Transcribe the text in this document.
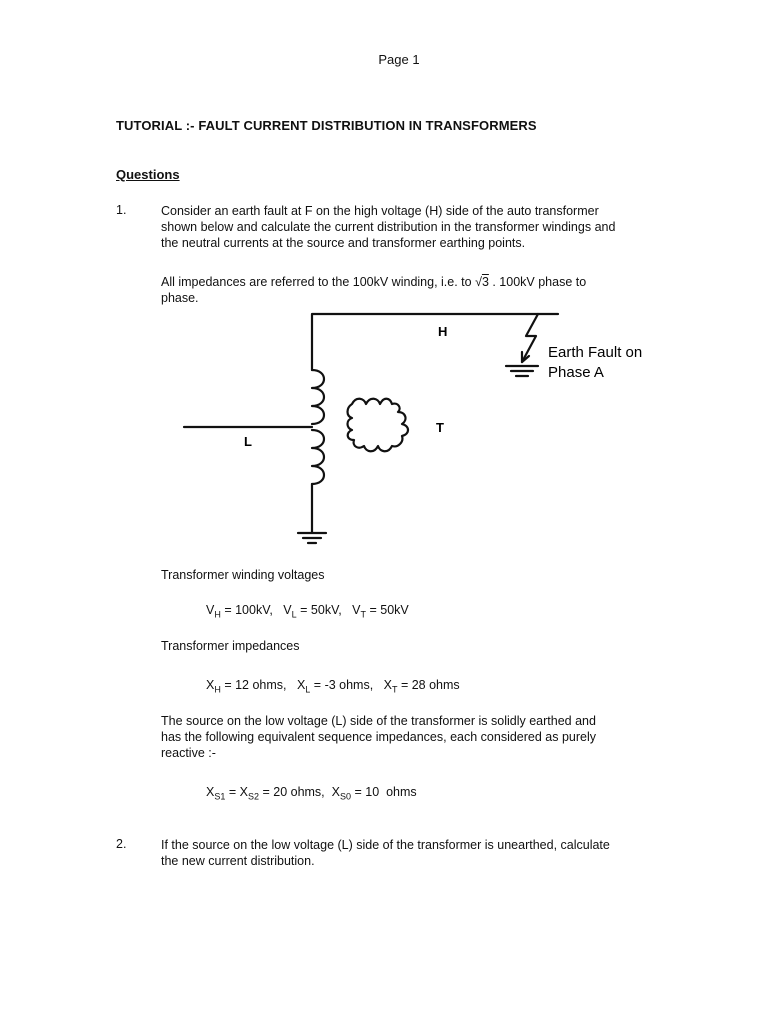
Page 1
TUTORIAL :- FAULT CURRENT DISTRIBUTION IN TRANSFORMERS
Questions
1.	Consider an earth fault at F on the high voltage (H) side of the auto transformer

shown below and calculate the current distribution in the transformer windings and

the neutral currents at the source and transformer earthing points.

All impedances are referred to the 100kV winding, i.e. to √3 . 100kV phase to

phase.

H
T
L
Earth Fault on
Phase A
Transformer winding voltages
$V_H = 100kV$,   $V_L = 50kV$,   $V_T = 50kV$
Transformer impedances
$X_H = 12$ ohms,   $X_L = -3$ ohms,   $X_T = 28$ ohms

The source on the low voltage (L) side of the transformer is solidly earthed and

has the following equivalent sequence impedances, each considered as purely

reactive :-

$X_{S1} = X_{S2} = 20$ ohms,  $X_{S0} = 10$  ohms
2.	If the source on the low voltage (L) side of the transformer is unearthed, calculate

the new current distribution.
